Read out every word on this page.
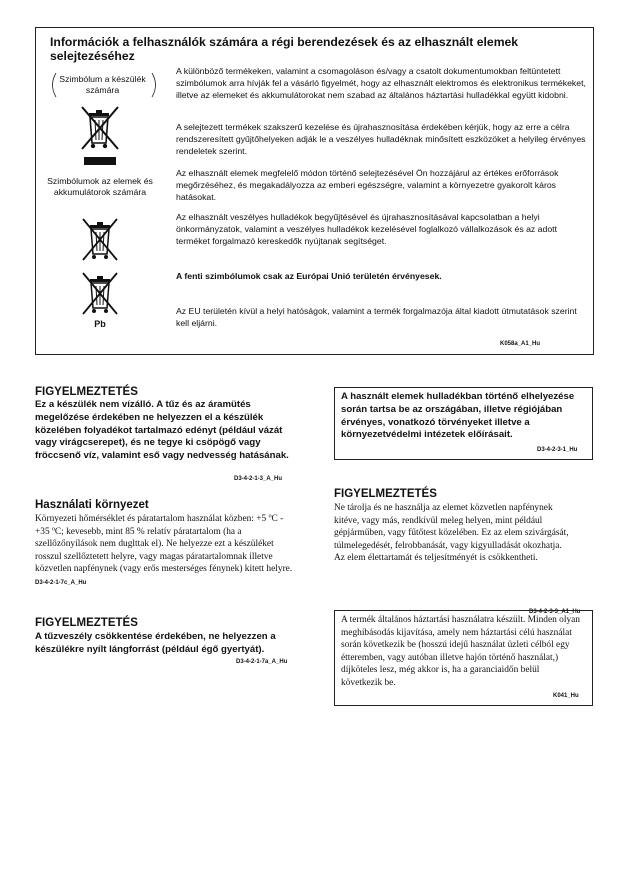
Információk a felhasználók számára a régi berendezések és az elhasznált elemek selejtezéséhez
Szimbólum a készülék számára
Szimbólumok az elemek és akkumulátorok számára
Pb
A különböző termékeken, valamint a csomagoláson és/vagy a csatolt dokumentumokban feltüntetett szimbólumok arra hívják fel a vásárló figyelmét, hogy az elhasznált elektromos és elektronikus termékeket, illetve az elemeket és akkumulátorokat nem szabad az általános háztartási hulladékkal együtt kidobni.
A selejtezett termékek szakszerű kezelése és újrahasznosítása érdekében kérjük, hogy az erre a célra rendszeresített gyűjtőhelyeken adják le a veszélyes hulladéknak minősített eszközöket a helyileg érvényes rendeletek szerint.
Az elhasznált elemek megfelelő módon történő selejtezésével Ön hozzájárul az értékes erőforrások megőrzéséhez, és megakadályozza az emberi egészségre, valamint a környezetre gyakorolt káros hatásokat.
Az elhasznált veszélyes hulladékok begyűjtésével és újrahasznosításával kapcsolatban a helyi önkormányzatok, valamint a veszélyes hulladékok kezelésével foglalkozó vállalkozások és az adott terméket forgalmazó kereskedők nyújtanak segítséget.
A fenti szimbólumok csak az Európai Unió területén érvényesek.
Az EU területén kívül a helyi hatóságok, valamint a termék forgalmazója által kiadott útmutatások szerint kell eljárni.
K058a_A1_Hu
FIGYELMEZTETÉS
Ez a készülék nem vízálló. A tűz és az áramütés megelőzése érdekében ne helyezzen el a készülék közelében folyadékot tartalmazó edényt (például vázát vagy virágcserepet), és ne tegye ki csöpögő vagy fröccsenő víz, valamint eső vagy nedvesség hatásának.
D3-4-2-1-3_A_Hu
Használati környezet
Környezeti hőmérséklet és páratartalom használat közben: +5 ºC - +35 ºC; kevesebb, mint 85 % relatív páratartalom (ha a szellőzőnyílások nem duglttak el). Ne helyezze ezt a készüléket rosszul szellőztetett helyre, vagy magas páratartalomnak illetve közvetlen napfénynek (vagy erős mesterséges fénynek) kitett helyre. D3-4-2-1-7c_A_Hu
FIGYELMEZTETÉS
A tűzveszély csökkentése érdekében, ne helyezzen a készülékre nyílt lángforrást (például égő gyertyát).
D3-4-2-1-7a_A_Hu
A használt elemek hulladékban történő elhelyezése során tartsa be az országában, illetve régiójában érvényes, vonatkozó törvényeket illetve a környezetvédelmi intézetek előírásait.
D3-4-2-3-1_Hu
FIGYELMEZTETÉS
Ne tárolja és ne használja az elemet közvetlen napfénynek kitéve, vagy más, rendkívül meleg helyen, mint például gépjárműben, vagy fűtőtest közelében. Ez az elem szivárgását, túlmelegedését, felrobbanását, vagy kigyulladását okozhatja. Az elem élettartamát és teljesítményét is csökkentheti.
D3-4-2-3-3_A1_Hu
A termék általános háztartási használatra készült. Minden olyan meghibásodás kijavítása, amely nem háztartási célú használat során következik be (hosszú idejű használat üzleti célból egy étteremben, vagy autóban illetve hajón történő használat,) díjköteles lesz, még akkor is, ha a garanciaidőn belül következik be.
K041_Hu
